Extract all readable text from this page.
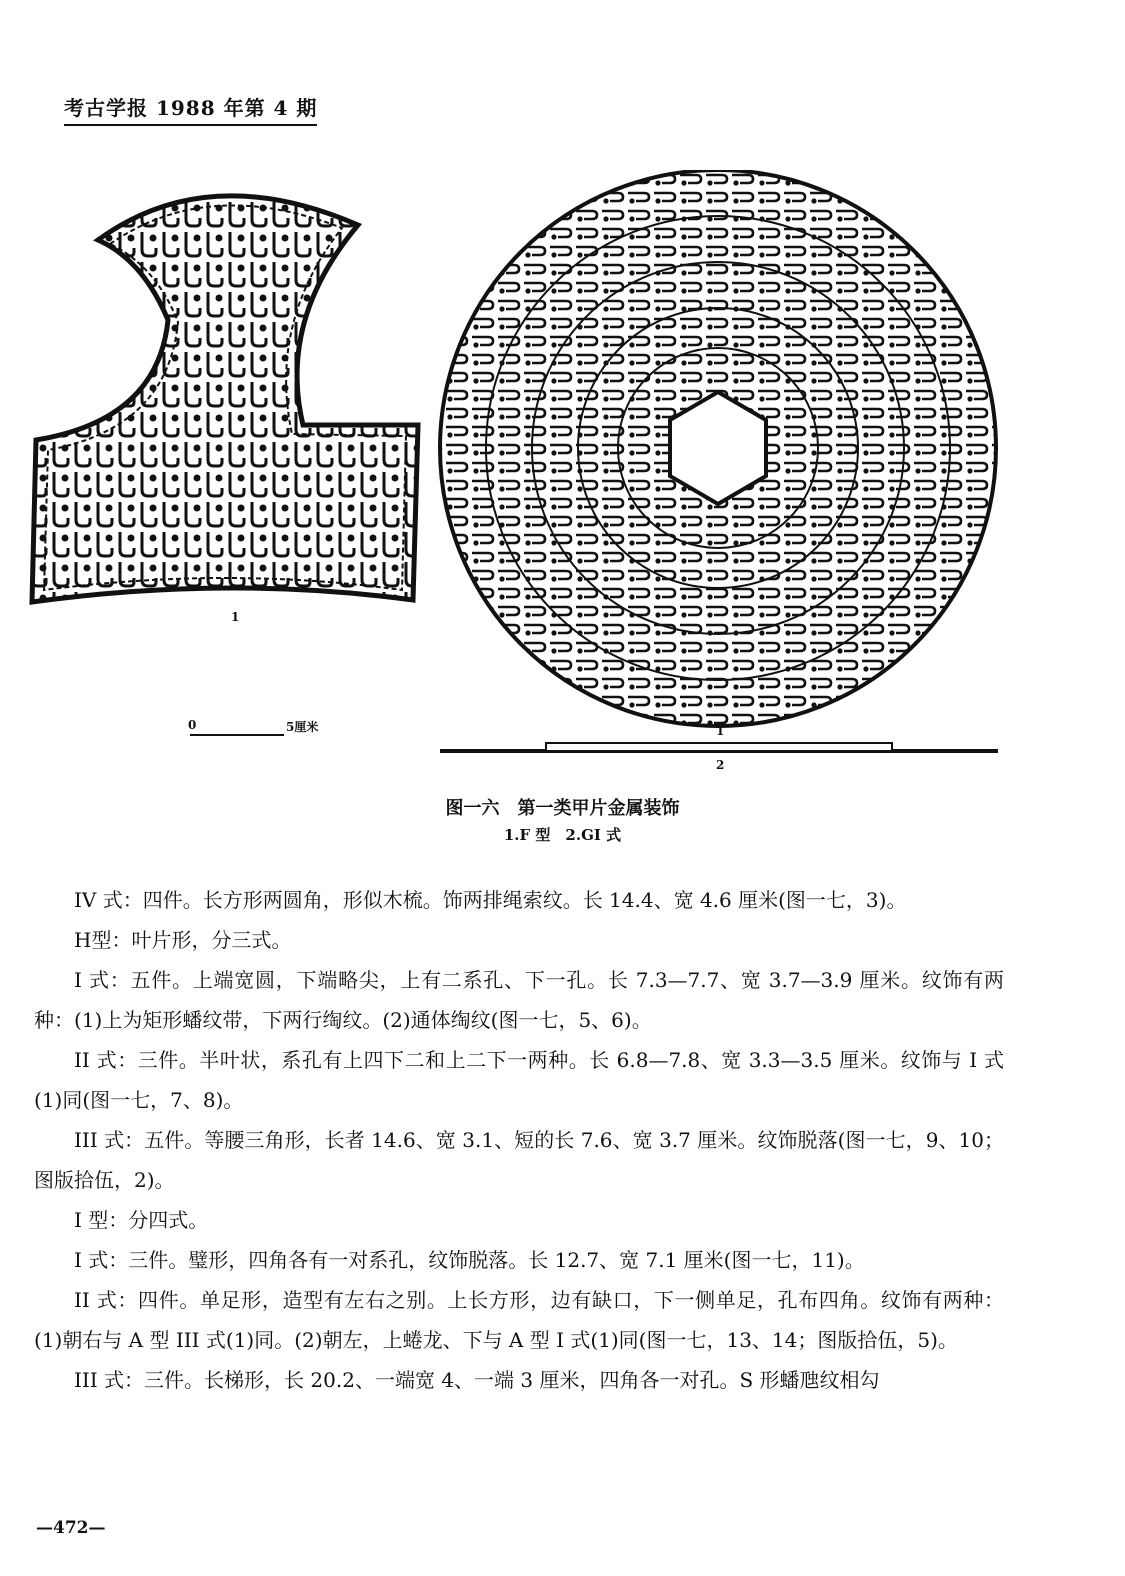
考古学报 1988 年第 4 期
1
1
2
0	5厘米
图一六　第一类甲片金属装饰
1.F 型　2.GI 式

IV 式：四件。长方形两圆角，形似木梳。饰两排绳索纹。长 14.4、宽 4.6 厘米(图一七，3)。

H型：叶片形，分三式。

I 式：五件。上端宽圆，下端略尖，上有二系孔、下一孔。长 7.3—7.7、宽 3.7—3.9 厘米。纹饰有两种：(1)上为矩形蟠纹带，下两行绹纹。(2)通体绹纹(图一七，5、6)。

II 式：三件。半叶状，系孔有上四下二和上二下一两种。长 6.8—7.8、宽 3.3—3.5 厘米。纹饰与 I 式(1)同(图一七，7、8)。

III 式：五件。等腰三角形，长者 14.6、宽 3.1、短的长 7.6、宽 3.7 厘米。纹饰脱落(图一七，9、10；图版拾伍，2)。

I 型：分四式。

I 式：三件。璧形，四角各有一对系孔，纹饰脱落。长 12.7、宽 7.1 厘米(图一七，11)。

II 式：四件。单足形，造型有左右之别。上长方形，边有缺口，下一侧单足，孔布四角。纹饰有两种：(1)朝右与 A 型 III 式(1)同。(2)朝左，上蜷龙、下与 A 型 I 式(1)同(图一七，13、14；图版拾伍，5)。

III 式：三件。长梯形，长 20.2、一端宽 4、一端 3 厘米，四角各一对孔。S 形蟠虺纹相勾

—472—
